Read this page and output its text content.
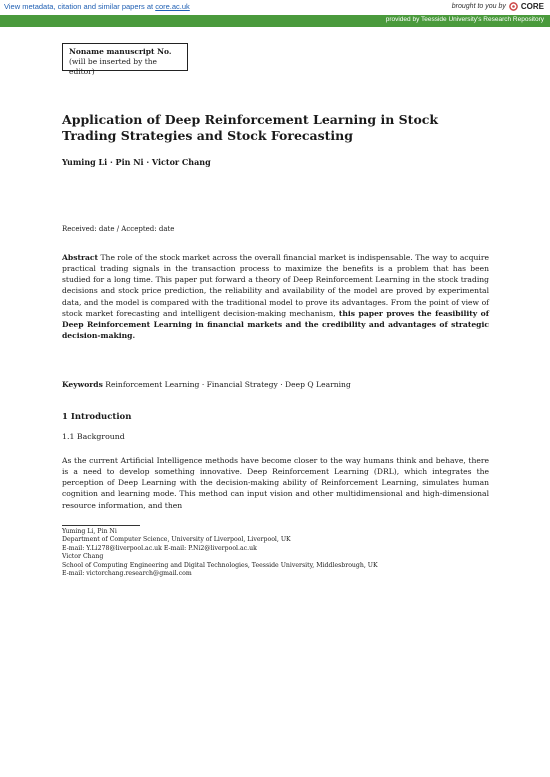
View metadata, citation and similar papers at core.ac.uk	brought to you by CORE
provided by Teesside University's Research Repository
Noname manuscript No.
(will be inserted by the editor)
Application of Deep Reinforcement Learning in Stock Trading Strategies and Stock Forecasting
Yuming Li · Pin Ni · Victor Chang
Received: date / Accepted: date
Abstract The role of the stock market across the overall financial market is indispensable. The way to acquire practical trading signals in the transaction process to maximize the benefits is a problem that has been studied for a long time. This paper put forward a theory of Deep Reinforcement Learning in the stock trading decisions and stock price prediction, the reliability and availability of the model are proved by experimental data, and the model is compared with the traditional model to prove its advantages. From the point of view of stock market forecasting and intelligent decision-making mechanism, this paper proves the feasibility of Deep Reinforcement Learning in financial markets and the credibility and advantages of strategic decision-making.
Keywords Reinforcement Learning · Financial Strategy · Deep Q Learning
1 Introduction
1.1 Background
As the current Artificial Intelligence methods have become closer to the way humans think and behave, there is a need to develop something innovative. Deep Reinforcement Learning (DRL), which integrates the perception of Deep Learning with the decision-making ability of Reinforcement Learning, simulates human cognition and learning mode. This method can input vision and other multidimensional and high-dimensional resource information, and then
Yuming Li, Pin Ni
Department of Computer Science, University of Liverpool, Liverpool, UK
E-mail: Y.Li278@liverpool.ac.uk E-mail: P.Ni2@liverpool.ac.uk
Victor Chang
School of Computing Engineering and Digital Technologies, Teesside University, Middlesbrough, UK
E-mail: victorchang.research@gmail.com
